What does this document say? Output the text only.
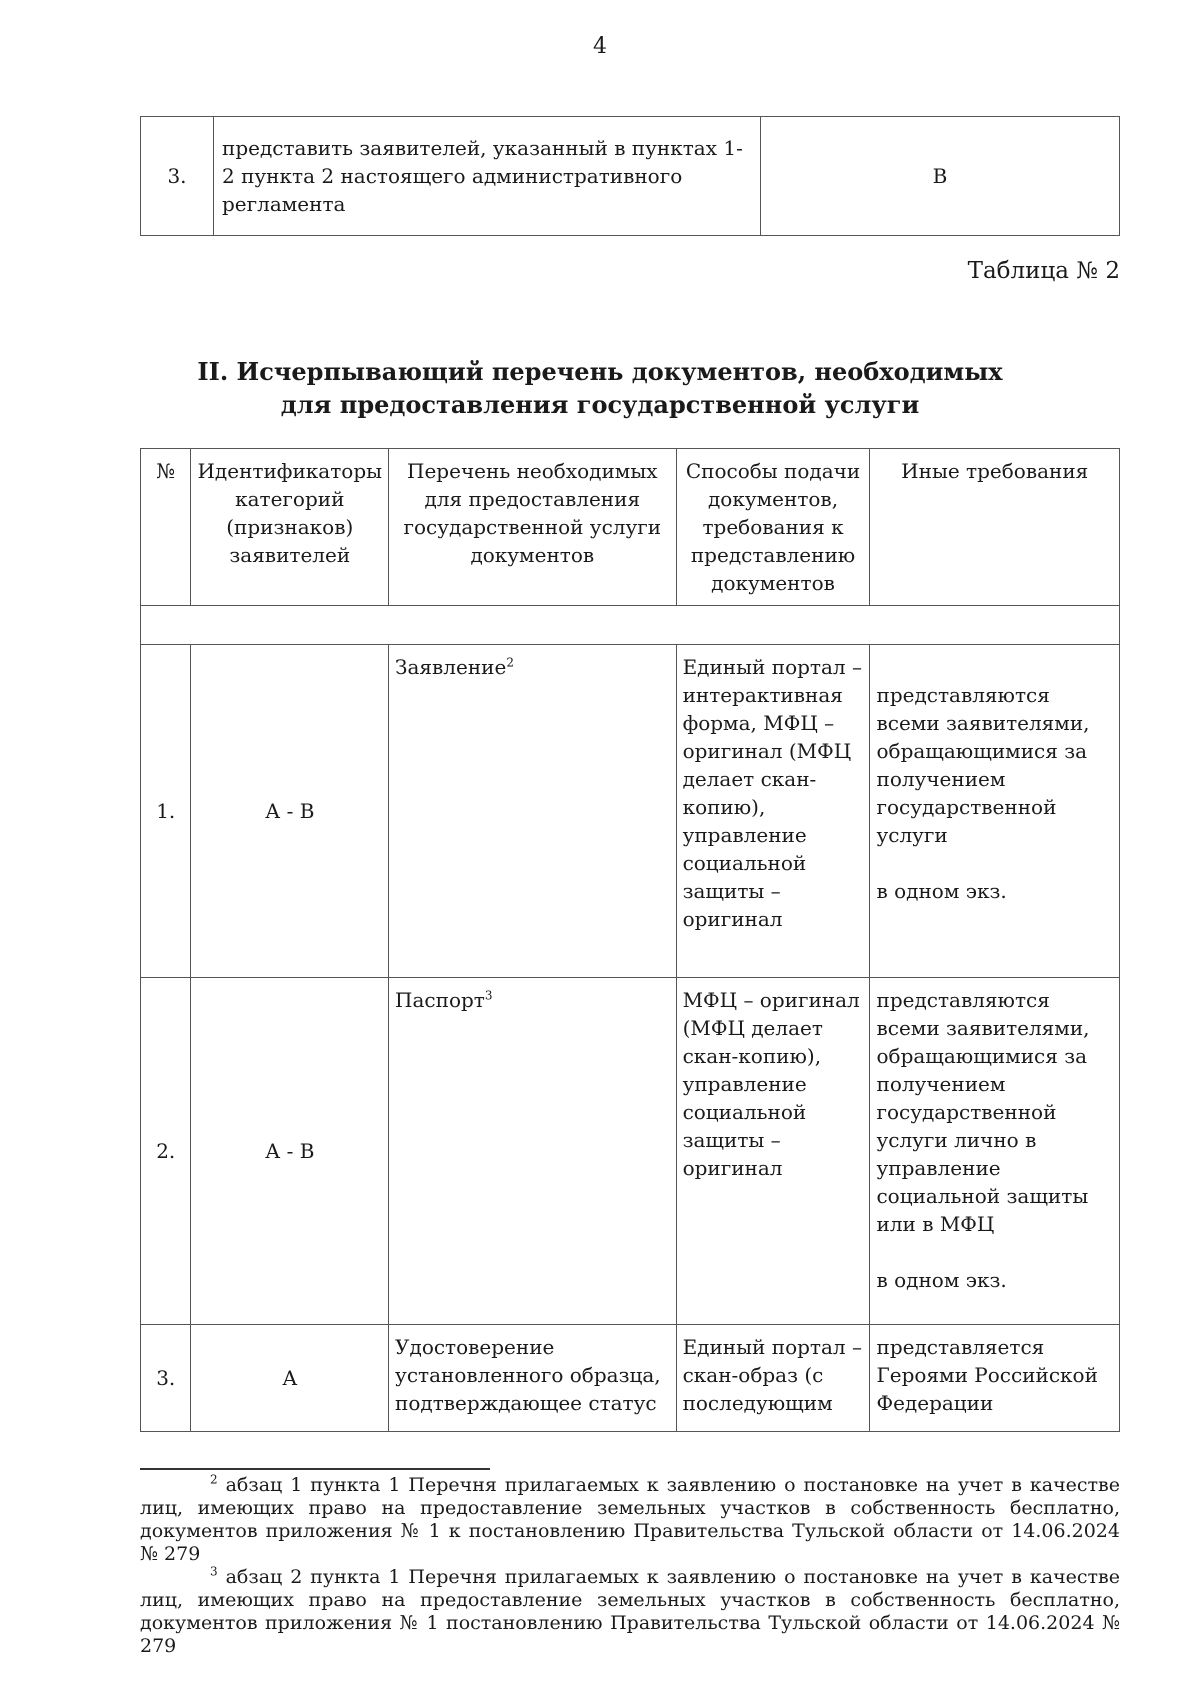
4
3.	представить заявителей, указанный в пунктах 1-2 пункта 2 настоящего административного регламента	В
Таблица № 2
II. Исчерпывающий перечень документов, необходимых
для предоставления государственной услуги
№	Идентификаторы категорий (признаков) заявителей	Перечень необходимых для предоставления государственной услуги документов	Способы подачи документов, требования к представлению документов	Иные требования

1.	А - В	Заявление$^2$	Единый портал – интерактивная форма, МФЦ – оригинал (МФЦ делает скан-копию), управление социальной защиты – оригинал	представляются всеми заявителями, обращающимися за получением государственной услуги
в одном экз.

2.	А - В	Паспорт$^3$	МФЦ – оригинал (МФЦ делает скан-копию), управление социальной защиты – оригинал	представляются всеми заявителями, обращающимися за получением государственной услуги лично в управление социальной защиты или в МФЦ
в одном экз.

3.	А	Удостоверение установленного образца, подтверждающее статус	Единый портал – скан-образ (с последующим	представляется Героями Российской Федерации
$^2$ абзац 1 пункта 1 Перечня прилагаемых к заявлению о постановке на учет в качестве лиц, имеющих право на предоставление земельных участков в собственность бесплатно, документов приложения № 1 к постановлению Правительства Тульской области от 14.06.2024 № 279
$^3$ абзац 2 пункта 1 Перечня прилагаемых к заявлению о постановке на учет в качестве лиц, имеющих право на предоставление земельных участков в собственность бесплатно, документов приложения № 1 постановлению Правительства Тульской области от 14.06.2024 № 279
